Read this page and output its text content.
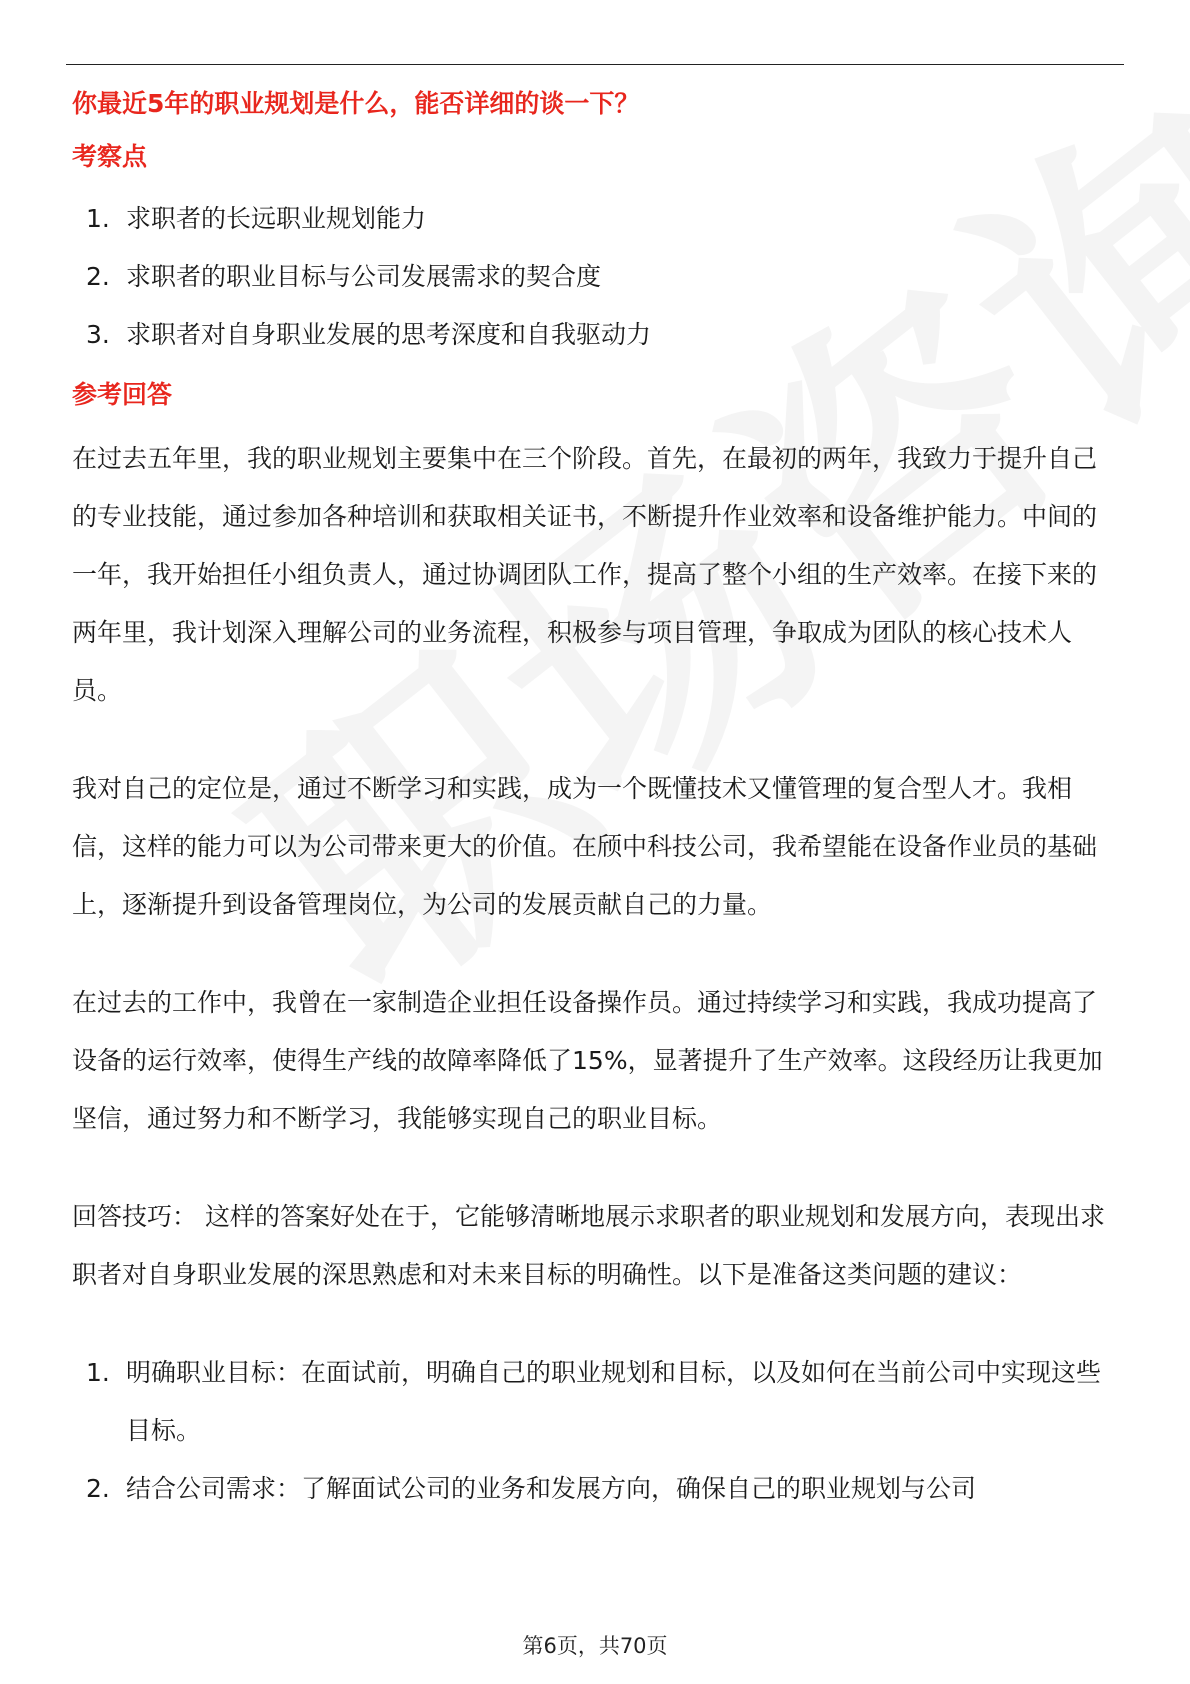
你最近5年的职业规划是什么，能否详细的谈一下？
考察点
1. 求职者的长远职业规划能力
2. 求职者的职业目标与公司发展需求的契合度
3. 求职者对自身职业发展的思考深度和自我驱动力
参考回答

在过去五年里，我的职业规划主要集中在三个阶段。首先，在最初的两年，我致力于提升自己的专业技能，通过参加各种培训和获取相关证书，不断提升作业效率和设备维护能力。中间的一年，我开始担任小组负责人，通过协调团队工作，提高了整个小组的生产效率。在接下来的两年里，我计划深入理解公司的业务流程，积极参与项目管理，争取成为团队的核心技术人员。

我对自己的定位是，通过不断学习和实践，成为一个既懂技术又懂管理的复合型人才。我相信，这样的能力可以为公司带来更大的价值。在颀中科技公司，我希望能在设备作业员的基础上，逐渐提升到设备管理岗位，为公司的发展贡献自己的力量。

在过去的工作中，我曾在一家制造企业担任设备操作员。通过持续学习和实践，我成功提高了设备的运行效率，使得生产线的故障率降低了15%，显著提升了生产效率。这段经历让我更加坚信，通过努力和不断学习，我能够实现自己的职业目标。

回答技巧： 这样的答案好处在于，它能够清晰地展示求职者的职业规划和发展方向，表现出求职者对自身职业发展的深思熟虑和对未来目标的明确性。以下是准备这类问题的建议：

1. 明确职业目标：在面试前，明确自己的职业规划和目标，以及如何在当前公司中实现这些目标。
2. 结合公司需求：了解面试公司的业务和发展方向，确保自己的职业规划与公司
第6页，共70页
